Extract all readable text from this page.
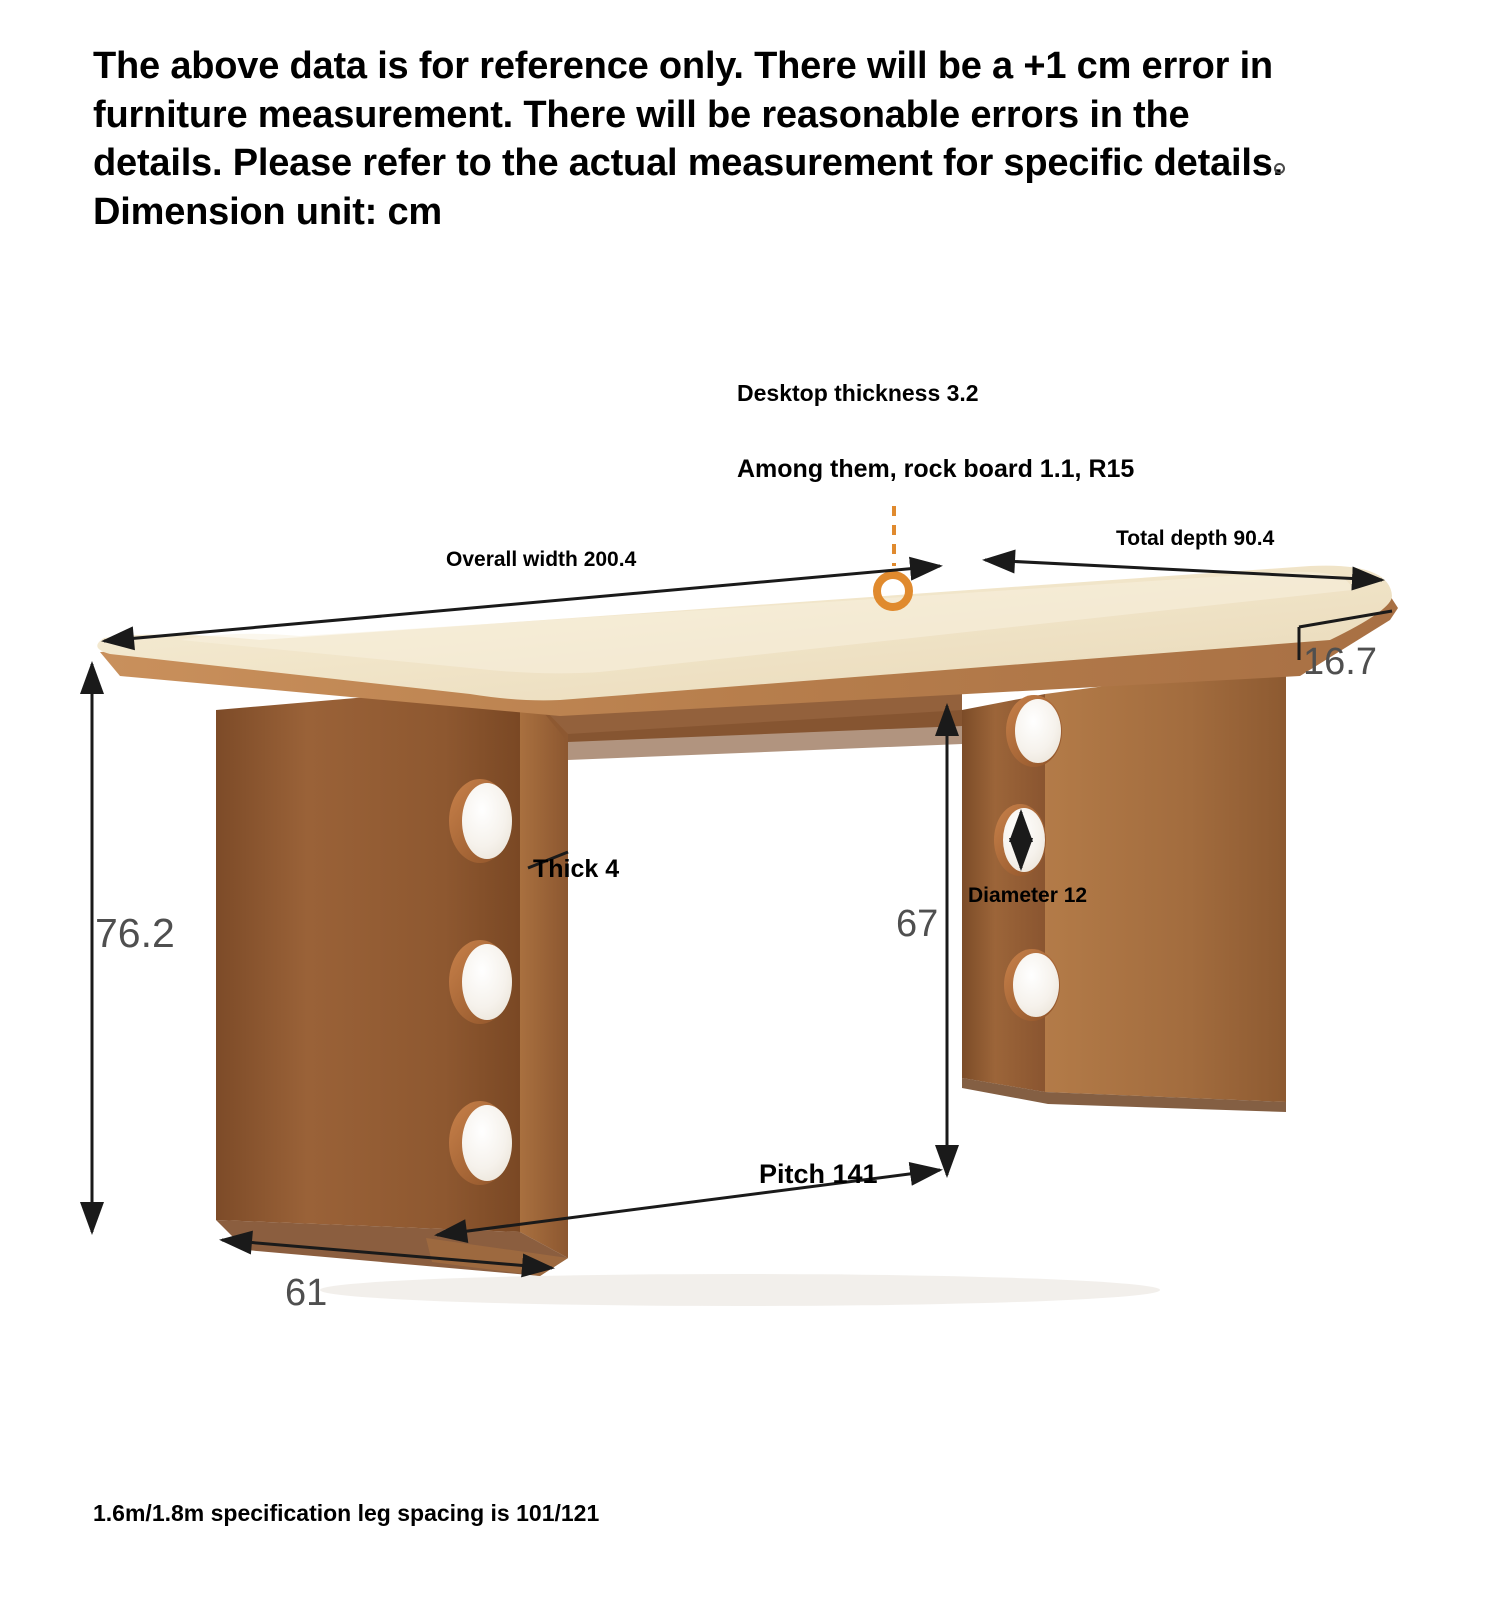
The above data is for reference only. There will be a +1 cm error in furniture measurement. There will be reasonable errors in the details. Please refer to the actual measurement for specific details. Dimension unit: cm
Desktop thickness 3.2
Among them, rock board 1.1, R15
Overall width 200.4
Total depth 90.4
Thick 4
Diameter 12
Pitch 141
1.6m/1.8m specification leg spacing is 101/121
16.7
76.2	67
61
